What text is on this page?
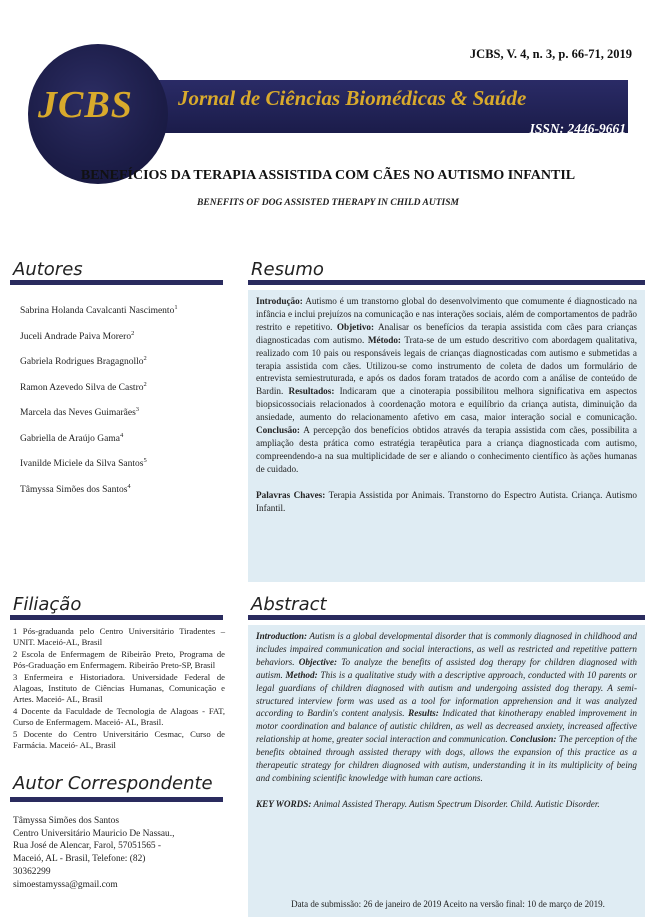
JCBS, V. 4, n. 3, p. 66-71, 2019
JCBS Jornal de Ciências Biomédicas & Saúde
ISSN: 2446-9661
BENEFÍCIOS DA TERAPIA ASSISTIDA COM CÃES NO AUTISMO INFANTIL
BENEFITS OF DOG ASSISTED THERAPY IN CHILD AUTISM
Autores
Sabrina Holanda Cavalcanti Nascimento$^1$
Juceli Andrade Paiva Morero$^2$
Gabriela Rodrigues Bragagnollo$^2$
Ramon Azevedo Silva de Castro$^2$
Marcela das Neves Guimarães$^3$
Gabriella de Araújo Gama$^4$
Ivanilde Miciele da Silva Santos$^5$
Tâmyssa Simões dos Santos$^4$
Resumo
Introdução: Autismo é um transtorno global do desenvolvimento que comumente é diagnosticado na infância e inclui prejuízos na comunicação e nas interações sociais, além de comportamentos de padrão restrito e repetitivo. Objetivo: Analisar os benefícios da terapia assistida com cães para crianças diagnosticadas com autismo. Método: Trata-se de um estudo descritivo com abordagem qualitativa, realizado com 10 pais ou responsáveis legais de crianças diagnosticadas com autismo e submetidas a terapia assistida com cães. Utilizou-se como instrumento de coleta de dados um formulário de entrevista semiestruturada, e após os dados foram tratados de acordo com a análise de conteúdo de Bardin. Resultados: Indicaram que a cinoterapia possibilitou melhora significativa em aspectos biopsicossociais relacionados à coordenação motora e equilíbrio da criança autista, diminuição da ansiedade, aumento do relacionamento afetivo em casa, maior interação social e comunicação. Conclusão: A percepção dos benefícios obtidos através da terapia assistida com cães, possibilita a ampliação desta prática como estratégia terapêutica para a criança diagnosticada com autismo, compreendendo-a na sua multiplicidade de ser e aliando o conhecimento científico às ações humanas de cuidado.
Palavras Chaves: Terapia Assistida por Animais. Transtorno do Espectro Autista. Criança. Autismo Infantil.
Filiação
1 Pós-graduanda pelo Centro Universitário Tiradentes – UNIT. Maceió-AL, Brasil
2 Escola de Enfermagem de Ribeirão Preto, Programa de Pós-Graduação em Enfermagem. Ribeirão Preto-SP, Brasil
3 Enfermeira e Historiadora. Universidade Federal de Alagoas, Instituto de Ciências Humanas, Comunicação e Artes. Maceió- AL, Brasil
4 Docente da Faculdade de Tecnologia de Alagoas - FAT, Curso de Enfermagem. Maceió- AL, Brasil.
5 Docente do Centro Universitário Cesmac, Curso de Farmácia. Maceió- AL, Brasil
Autor Correspondente
Tâmyssa Simões dos Santos
Centro Universitário Mauricio De Nassau.,
Rua José de Alencar, Farol, 57051565 -
Maceió, AL - Brasil, Telefone: (82)
30362299
simoestamyssa@gmail.com
Abstract
Introduction: Autism is a global developmental disorder that is commonly diagnosed in childhood and includes impaired communication and social interactions, as well as restricted and repetitive pattern behaviors. Objective: To analyze the benefits of assisted dog therapy for children diagnosed with autism. Method: This is a qualitative study with a descriptive approach, conducted with 10 parents or legal guardians of children diagnosed with autism and undergoing assisted dog therapy. A semi-structured interview form was used as a tool for information apprehension and it was analyzed according to Bardin's content analysis. Results: Indicated that kinotherapy enabled improvement in motor coordination and balance of autistic children, as well as decreased anxiety, increased affective relationship at home, greater social interaction and communication. Conclusion: The perception of the benefits obtained through assisted therapy with dogs, allows the expansion of this practice as a therapeutic strategy for children diagnosed with autism, understanding it in its multiplicity of being and combining scientific knowledge with human care actions.
KEY WORDS: Animal Assisted Therapy. Autism Spectrum Disorder. Child. Autistic Disorder.
Data de submissão: 26 de janeiro de 2019 Aceito na versão final: 10 de março de 2019.
